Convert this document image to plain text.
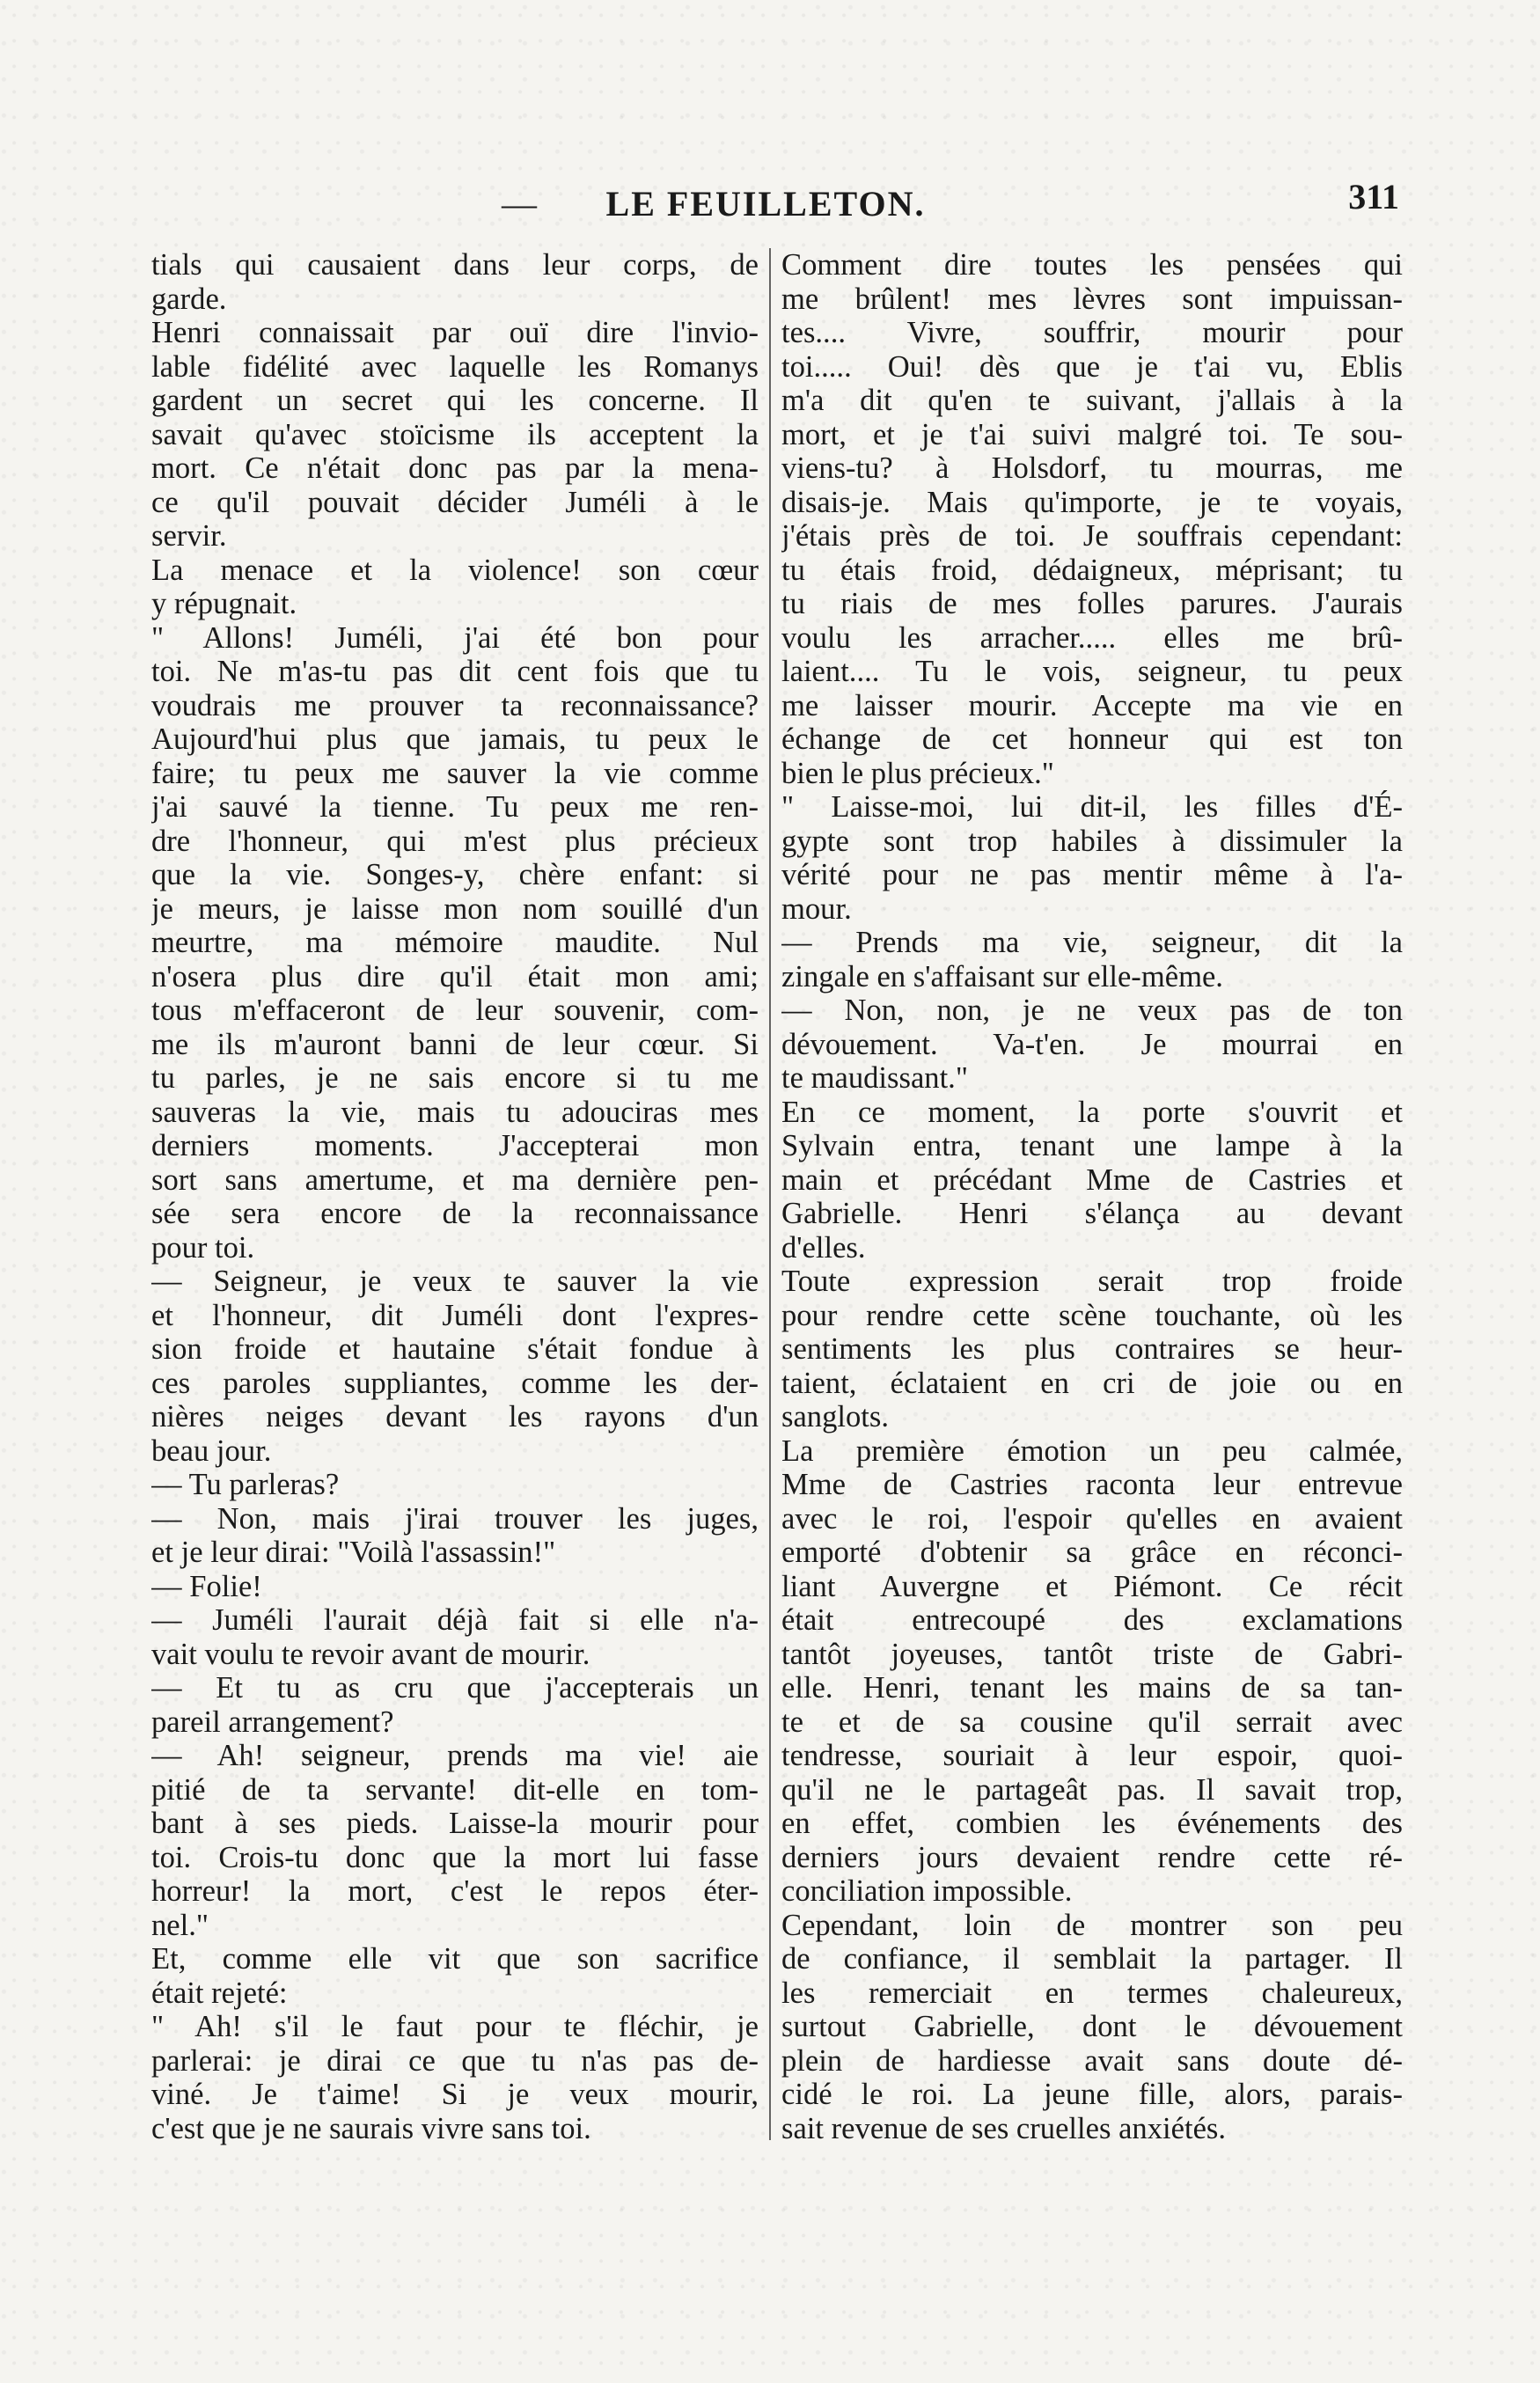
—	LE FEUILLETON.	311
tials qui causaient dans leur corps, de
garde.
Henri connaissait par ouï dire l'invio-
lable fidélité avec laquelle les Romanys
gardent un secret qui les concerne. Il
savait qu'avec stoïcisme ils acceptent la
mort. Ce n'était donc pas par la mena-
ce qu'il pouvait décider Juméli à le
servir.
La menace et la violence! son cœur
y répugnait.
" Allons! Juméli, j'ai été bon pour
toi. Ne m'as-tu pas dit cent fois que tu
voudrais me prouver ta reconnaissance?
Aujourd'hui plus que jamais, tu peux le
faire; tu peux me sauver la vie comme
j'ai sauvé la tienne. Tu peux me ren-
dre l'honneur, qui m'est plus précieux
que la vie. Songes-y, chère enfant: si
je meurs, je laisse mon nom souillé d'un
meurtre, ma mémoire maudite. Nul
n'osera plus dire qu'il était mon ami;
tous m'effaceront de leur souvenir, com-
me ils m'auront banni de leur cœur. Si
tu parles, je ne sais encore si tu me
sauveras la vie, mais tu adouciras mes
derniers moments. J'accepterai mon
sort sans amertume, et ma dernière pen-
sée sera encore de la reconnaissance
pour toi.
— Seigneur, je veux te sauver la vie
et l'honneur, dit Juméli dont l'expres-
sion froide et hautaine s'était fondue à
ces paroles suppliantes, comme les der-
nières neiges devant les rayons d'un
beau jour.
— Tu parleras?
— Non, mais j'irai trouver les juges,
et je leur dirai: "Voilà l'assassin!"
— Folie!
— Juméli l'aurait déjà fait si elle n'a-
vait voulu te revoir avant de mourir.
— Et tu as cru que j'accepterais un
pareil arrangement?
— Ah! seigneur, prends ma vie! aie
pitié de ta servante! dit-elle en tom-
bant à ses pieds. Laisse-la mourir pour
toi. Crois-tu donc que la mort lui fasse
horreur! la mort, c'est le repos éter-
nel."
Et, comme elle vit que son sacrifice
était rejeté:
" Ah! s'il le faut pour te fléchir, je
parlerai: je dirai ce que tu n'as pas de-
viné. Je t'aime! Si je veux mourir,
c'est que je ne saurais vivre sans toi.
Comment dire toutes les pensées qui
me brûlent! mes lèvres sont impuissan-
tes.... Vivre, souffrir, mourir pour
toi..... Oui! dès que je t'ai vu, Eblis
m'a dit qu'en te suivant, j'allais à la
mort, et je t'ai suivi malgré toi. Te sou-
viens-tu? à Holsdorf, tu mourras, me
disais-je. Mais qu'importe, je te voyais,
j'étais près de toi. Je souffrais cependant:
tu étais froid, dédaigneux, méprisant; tu
tu riais de mes folles parures. J'aurais
voulu les arracher..... elles me brû-
laient.... Tu le vois, seigneur, tu peux
me laisser mourir. Accepte ma vie en
échange de cet honneur qui est ton
bien le plus précieux."
" Laisse-moi, lui dit-il, les filles d'É-
gypte sont trop habiles à dissimuler la
vérité pour ne pas mentir même à l'a-
mour.
— Prends ma vie, seigneur, dit la
zingale en s'affaisant sur elle-même.
— Non, non, je ne veux pas de ton
dévouement. Va-t'en. Je mourrai en
te maudissant."
En ce moment, la porte s'ouvrit et
Sylvain entra, tenant une lampe à la
main et précédant Mme de Castries et
Gabrielle. Henri s'élança au devant
d'elles.
Toute expression serait trop froide
pour rendre cette scène touchante, où les
sentiments les plus contraires se heur-
taient, éclataient en cri de joie ou en
sanglots.
La première émotion un peu calmée,
Mme de Castries raconta leur entrevue
avec le roi, l'espoir qu'elles en avaient
emporté d'obtenir sa grâce en réconci-
liant Auvergne et Piémont. Ce récit
était entrecoupé des exclamations
tantôt joyeuses, tantôt triste de Gabri-
elle. Henri, tenant les mains de sa tan-
te et de sa cousine qu'il serrait avec
tendresse, souriait à leur espoir, quoi-
qu'il ne le partageât pas. Il savait trop,
en effet, combien les événements des
derniers jours devaient rendre cette ré-
conciliation impossible.
Cependant, loin de montrer son peu
de confiance, il semblait la partager. Il
les remerciait en termes chaleureux,
surtout Gabrielle, dont le dévouement
plein de hardiesse avait sans doute dé-
cidé le roi. La jeune fille, alors, parais-
sait revenue de ses cruelles anxiétés.
